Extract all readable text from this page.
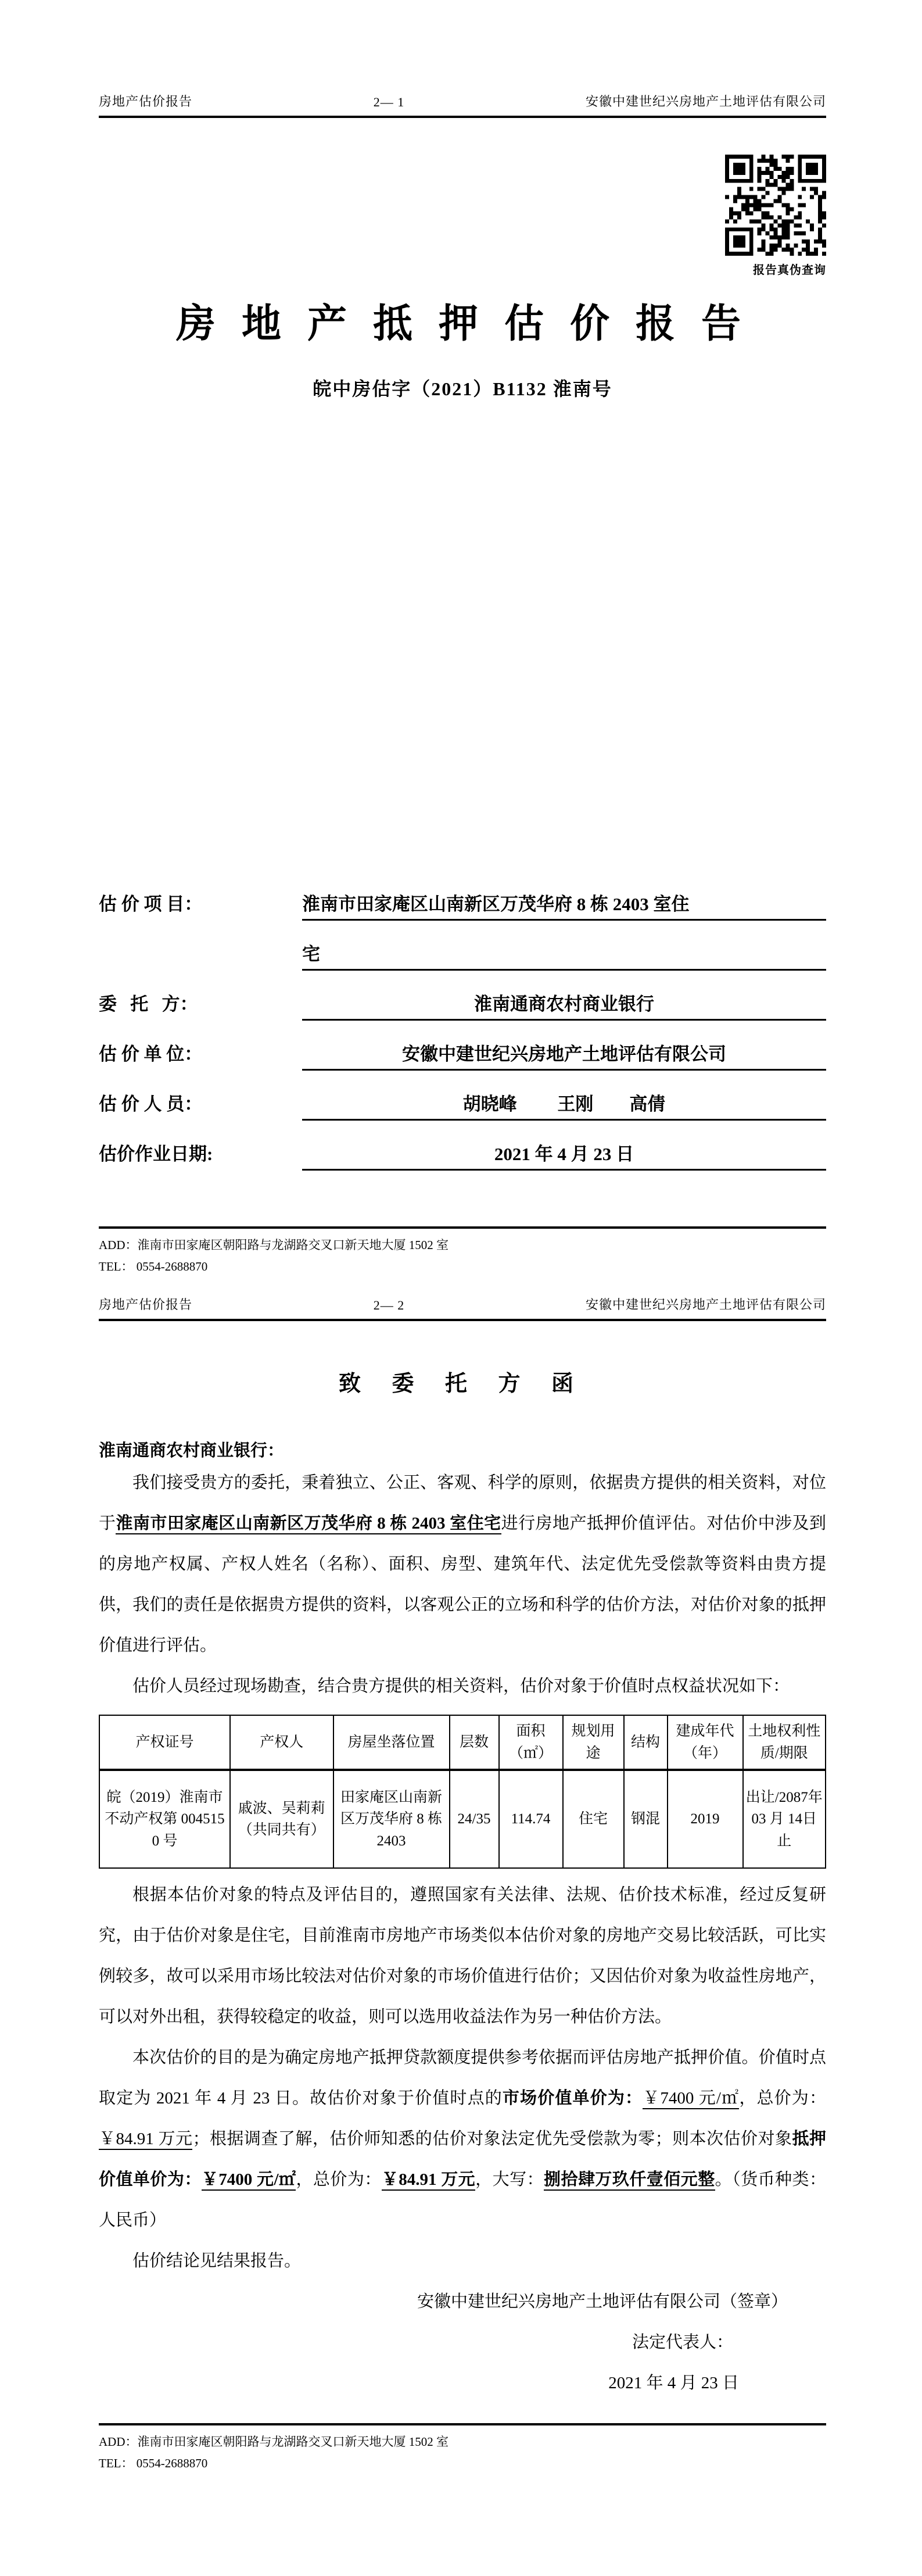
房地产估价报告	2— 1	安徽中建世纪兴房地产土地评估有限公司
报告真伪查询
房 地 产 抵 押 估 价 报 告
皖中房估字（2021）B1132 淮南号
估 价 项 目：	淮南市田家庵区山南新区万茂华府 8 栋 2403 室住

宅
委   托   方：	淮南通商农村商业银行
估 价 单 位：	安徽中建世纪兴房地产土地评估有限公司
估 价 人 员：	胡晓峰         王刚        高倩
估价作业日期:	2021 年 4 月 23 日
ADD：淮南市田家庵区朝阳路与龙湖路交叉口新天地大厦 1502 室
TEL： 0554-2688870
房地产估价报告	2— 2	安徽中建世纪兴房地产土地评估有限公司
致 委 托 方 函
淮南通商农村商业银行：

我们接受贵方的委托，秉着独立、公正、客观、科学的原则，依据贵方提供的相关资料，对位于淮南市田家庵区山南新区万茂华府 8 栋 2403 室住宅进行房地产抵押价值评估。对估价中涉及到的房地产权属、产权人姓名（名称）、面积、房型、建筑年代、法定优先受偿款等资料由贵方提供，我们的责任是依据贵方提供的资料，以客观公正的立场和科学的估价方法，对估价对象的抵押价值进行评估。

估价人员经过现场勘查，结合贵方提供的相关资料，估价对象于价值时点权益状况如下：

产权证号	产权人	房屋坐落位置	层数	面积（㎡）	规划用途	结构	建成年代（年）	土地权利性质/期限
皖（2019）淮南市不动产权第 0045150 号	戚波、吴莉莉（共同共有）	田家庵区山南新区万茂华府 8 栋 2403	24/35	114.74	住宅	钢混	2019	出让/2087年 03 月 14日止

根据本估价对象的特点及评估目的，遵照国家有关法律、法规、估价技术标准，经过反复研究，由于估价对象是住宅，目前淮南市房地产市场类似本估价对象的房地产交易比较活跃，可比实例较多，故可以采用市场比较法对估价对象的市场价值进行估价；又因估价对象为收益性房地产，可以对外出租，获得较稳定的收益，则可以选用收益法作为另一种估价方法。

本次估价的目的是为确定房地产抵押贷款额度提供参考依据而评估房地产抵押价值。价值时点取定为 2021 年 4 月 23 日。故估价对象于价值时点的市场价值单价为：￥7400 元/㎡，总价为：￥84.91 万元；根据调查了解，估价师知悉的估价对象法定优先受偿款为零；则本次估价对象抵押价值单价为：￥7400 元/㎡，总价为：￥84.91 万元，大写：捌拾肆万玖仟壹佰元整。（货币种类：人民币）

估价结论见结果报告。

安徽中建世纪兴房地产土地评估有限公司（签章）

法定代表人：

2021 年 4 月 23 日

ADD：淮南市田家庵区朝阳路与龙湖路交叉口新天地大厦 1502 室
TEL： 0554-2688870
